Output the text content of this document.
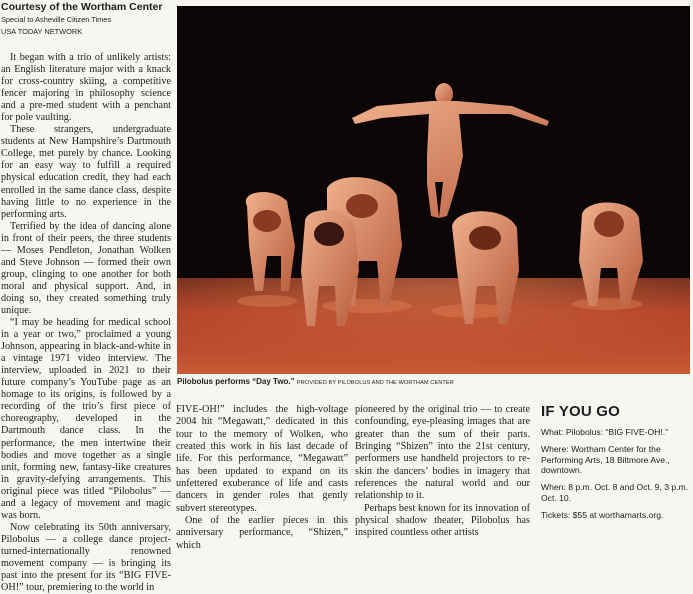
Courtesy of the Wortham Center
Special to Asheville Citizen Times
USA TODAY NETWORK

It began with a trio of unlikely artists: an English literature major with a knack for cross-country skiing, a competitive fencer majoring in philosophy science and a pre-med student with a penchant for pole vaulting.

These strangers, undergraduate students at New Hampshire’s Dartmouth College, met purely by chance. Looking for an easy way to fulfill a required physical education credit, they had each enrolled in the same dance class, despite having little to no experience in the performing arts.

Terrified by the idea of dancing alone in front of their peers, the three students — Moses Pendleton, Jonathan Wolken and Steve Johnson — formed their own group, clinging to one another for both moral and physical support. And, in doing so, they created something truly unique.

“I may be heading for medical school in a year or two,” proclaimed a young Johnson, appearing in black-and-white in a vintage 1971 video interview. The interview, uploaded in 2021 to their future company’s YouTube page as an homage to its origins, is followed by a recording of the trio’s first piece of choreography, developed in the Dartmouth dance class. In the performance, the men intertwine their bodies and move together as a single unit, forming new, fantasy-like creatures in gravity-defying arrangements. This original piece was titled “Pilobolus” — and a legacy of movement and magic was born.

Now celebrating its 50th anniversary, Pilobolus — a college dance project-turned-internationally renowned movement company — is bringing its past into the present for its “BIG FIVE-OH!” tour, premiering to the world in

Pilobolus performs “Day Two.” PROVIDED BY PILOBOLUS AND THE WORTHAM CENTER

FIVE-OH!” includes the high-voltage 2004 hit “Megawatt,” dedicated in this tour to the memory of Wolken, who created this work in his last decade of life. For this performance, “Megawatt” has been updated to expand on its unfettered exuberance of life and casts dancers in gender roles that gently subvert stereotypes.

One of the earlier pieces in this anniversary performance, “Shizen,” which

pioneered by the original trio — to create confounding, eye-pleasing images that are greater than the sum of their parts. Bringing “Shizen” into the 21st century, performers use handheld projectors to re-skin the dancers’ bodies in imagery that references the natural world and our relationship to it.

Perhaps best known for its innovation of physical shadow theater, Pilobolus has inspired countless other artists

IF YOU GO

What: Pilobolus: “BIG FIVE-OH!.”

Where: Wortham Center for the Performing Arts, 18 Biltmore Ave., downtown.

When: 8 p.m. Oct. 8 and Oct. 9, 3 p.m. Oct. 10.

Tickets: $55 at worthamarts.org.
